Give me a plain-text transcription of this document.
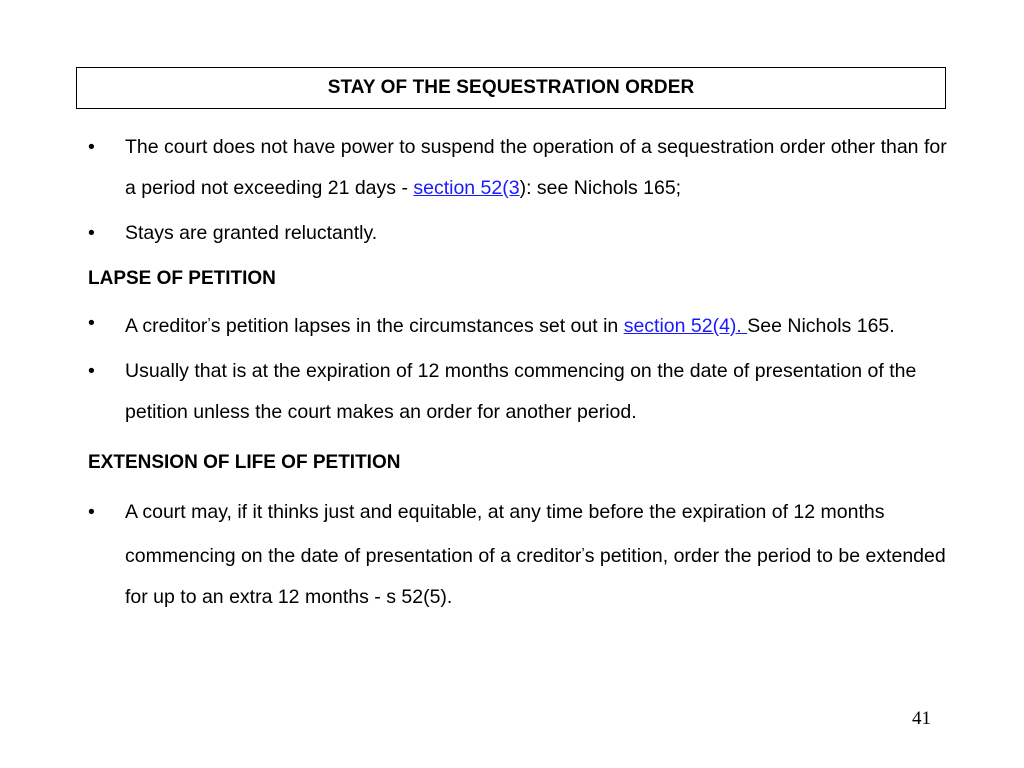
STAY OF THE SEQUESTRATION ORDER
• The court does not have power to suspend the operation of a sequestration order other than for a period not exceeding 21 days - section 52(3): see Nichols 165;
• Stays are granted reluctantly.
LAPSE OF PETITION
• A creditor’s petition lapses in the circumstances set out in section 52(4). See Nichols 165.
• Usually that is at the expiration of 12 months commencing on the date of presentation of the petition unless the court makes an order for another period.
EXTENSION OF LIFE OF PETITION
• A court may, if it thinks just and equitable, at any time before the expiration of 12 months commencing on the date of presentation of a creditor’s petition, order the period to be extended for up to an extra 12 months - s 52(5).
41
